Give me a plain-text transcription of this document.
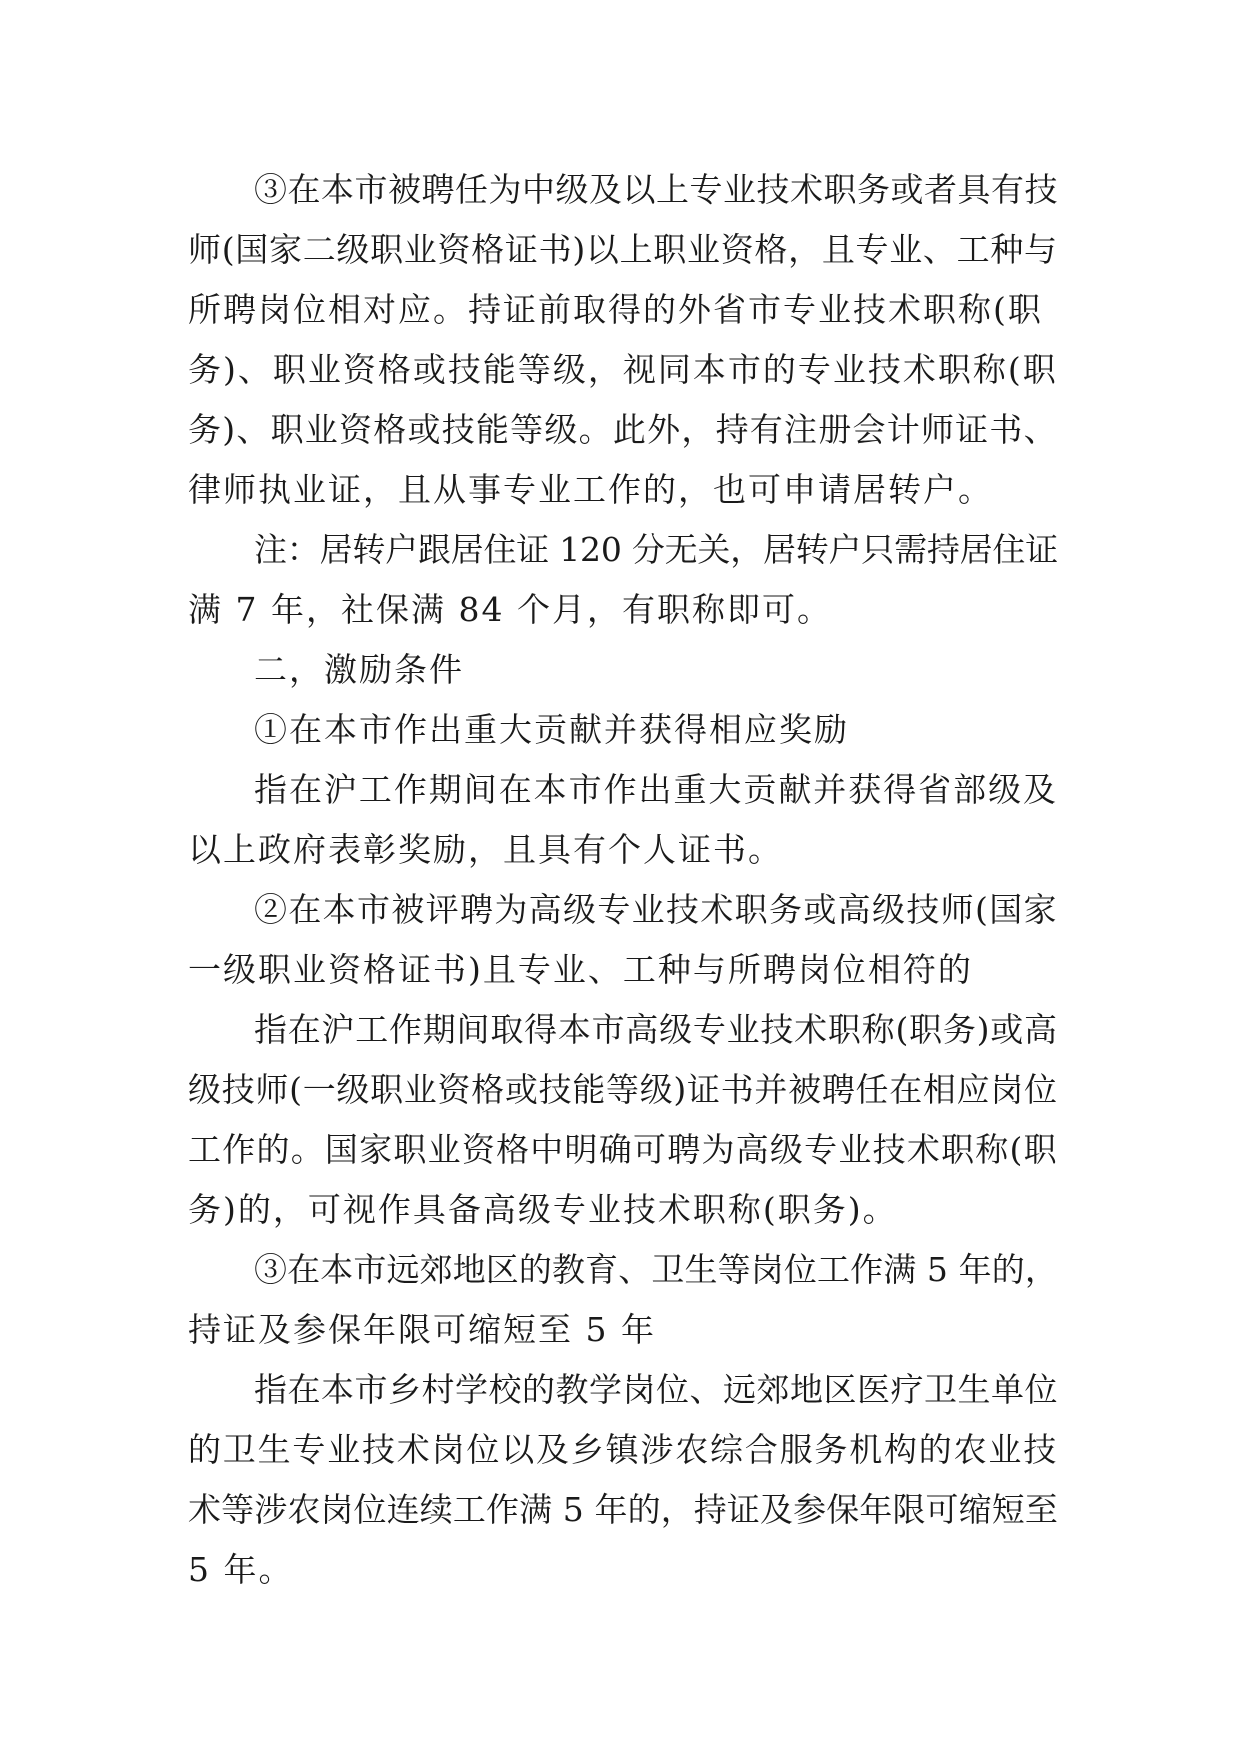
③在本市被聘任为中级及以上专业技术职务或者具有技
师(国家二级职业资格证书)以上职业资格，且专业、工种与
所聘岗位相对应。持证前取得的外省市专业技术职称(职
务)、职业资格或技能等级，视同本市的专业技术职称(职
务)、职业资格或技能等级。此外，持有注册会计师证书、
律师执业证，且从事专业工作的，也可申请居转户。
注：居转户跟居住证 120 分无关，居转户只需持居住证
满 7 年，社保满 84 个月，有职称即可。
二，激励条件
①在本市作出重大贡献并获得相应奖励
指在沪工作期间在本市作出重大贡献并获得省部级及
以上政府表彰奖励，且具有个人证书。
②在本市被评聘为高级专业技术职务或高级技师(国家
一级职业资格证书)且专业、工种与所聘岗位相符的
指在沪工作期间取得本市高级专业技术职称(职务)或高
级技师(一级职业资格或技能等级)证书并被聘任在相应岗位
工作的。国家职业资格中明确可聘为高级专业技术职称(职
务)的，可视作具备高级专业技术职称(职务)。
③在本市远郊地区的教育、卫生等岗位工作满 5 年的，
持证及参保年限可缩短至 5 年
指在本市乡村学校的教学岗位、远郊地区医疗卫生单位
的卫生专业技术岗位以及乡镇涉农综合服务机构的农业技
术等涉农岗位连续工作满 5 年的，持证及参保年限可缩短至
5 年。
